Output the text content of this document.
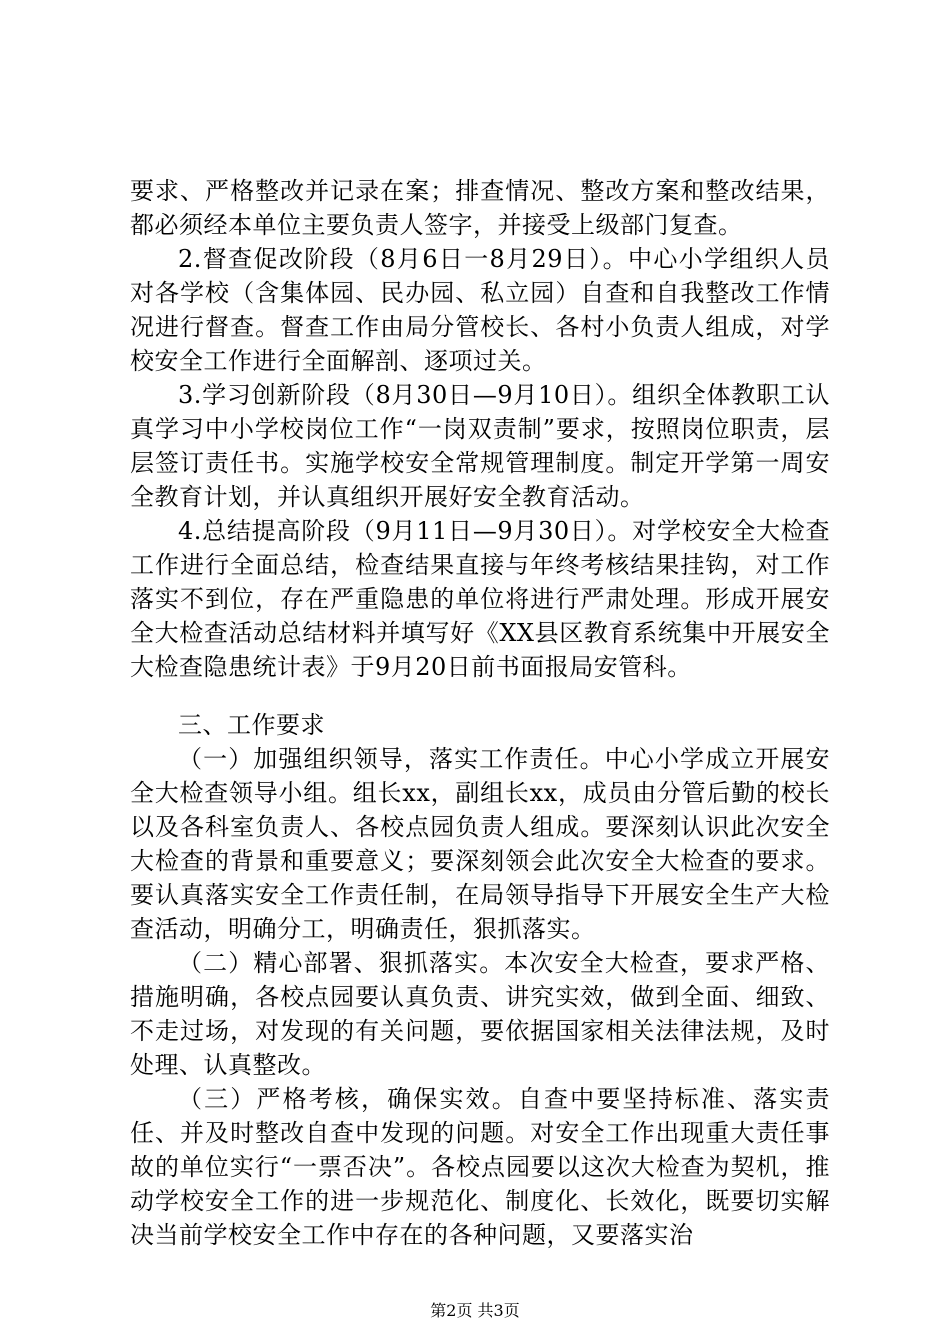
要求、严格整改并记录在案；排查情况、整改方案和整改结果，都必须经本单位主要负责人签字，并接受上级部门复查。

2.督查促改阶段（8月6日一8月29日）。中心小学组织人员对各学校（含集体园、民办园、私立园）自查和自我整改工作情况进行督查。督查工作由局分管校长、各村小负责人组成，对学校安全工作进行全面解剖、逐项过关。

3.学习创新阶段（8月30日—9月10日）。组织全体教职工认真学习中小学校岗位工作“一岗双责制”要求，按照岗位职责，层层签订责任书。实施学校安全常规管理制度。制定开学第一周安全教育计划，并认真组织开展好安全教育活动。

4.总结提高阶段（9月11日—9月30日）。对学校安全大检查工作进行全面总结，检查结果直接与年终考核结果挂钩，对工作落实不到位，存在严重隐患的单位将进行严肃处理。形成开展安全大检查活动总结材料并填写好《XX县区教育系统集中开展安全大检查隐患统计表》于9月20日前书面报局安管科。

三、工作要求

（一）加强组织领导，落实工作责任。中心小学成立开展安全大检查领导小组。组长xx，副组长xx，成员由分管后勤的校长以及各科室负责人、各校点园负责人组成。要深刻认识此次安全大检查的背景和重要意义；要深刻领会此次安全大检查的要求。要认真落实安全工作责任制，在局领导指导下开展安全生产大检查活动，明确分工，明确责任，狠抓落实。

（二）精心部署、狠抓落实。本次安全大检查，要求严格、措施明确，各校点园要认真负责、讲究实效，做到全面、细致、不走过场，对发现的有关问题，要依据国家相关法律法规，及时处理、认真整改。

（三）严格考核，确保实效。自查中要坚持标准、落实责任、并及时整改自查中发现的问题。对安全工作出现重大责任事故的单位实行“一票否决”。各校点园要以这次大检查为契机，推动学校安全工作的进一步规范化、制度化、长效化，既要切实解决当前学校安全工作中存在的各种问题，又要落实治

第2页 共3页
